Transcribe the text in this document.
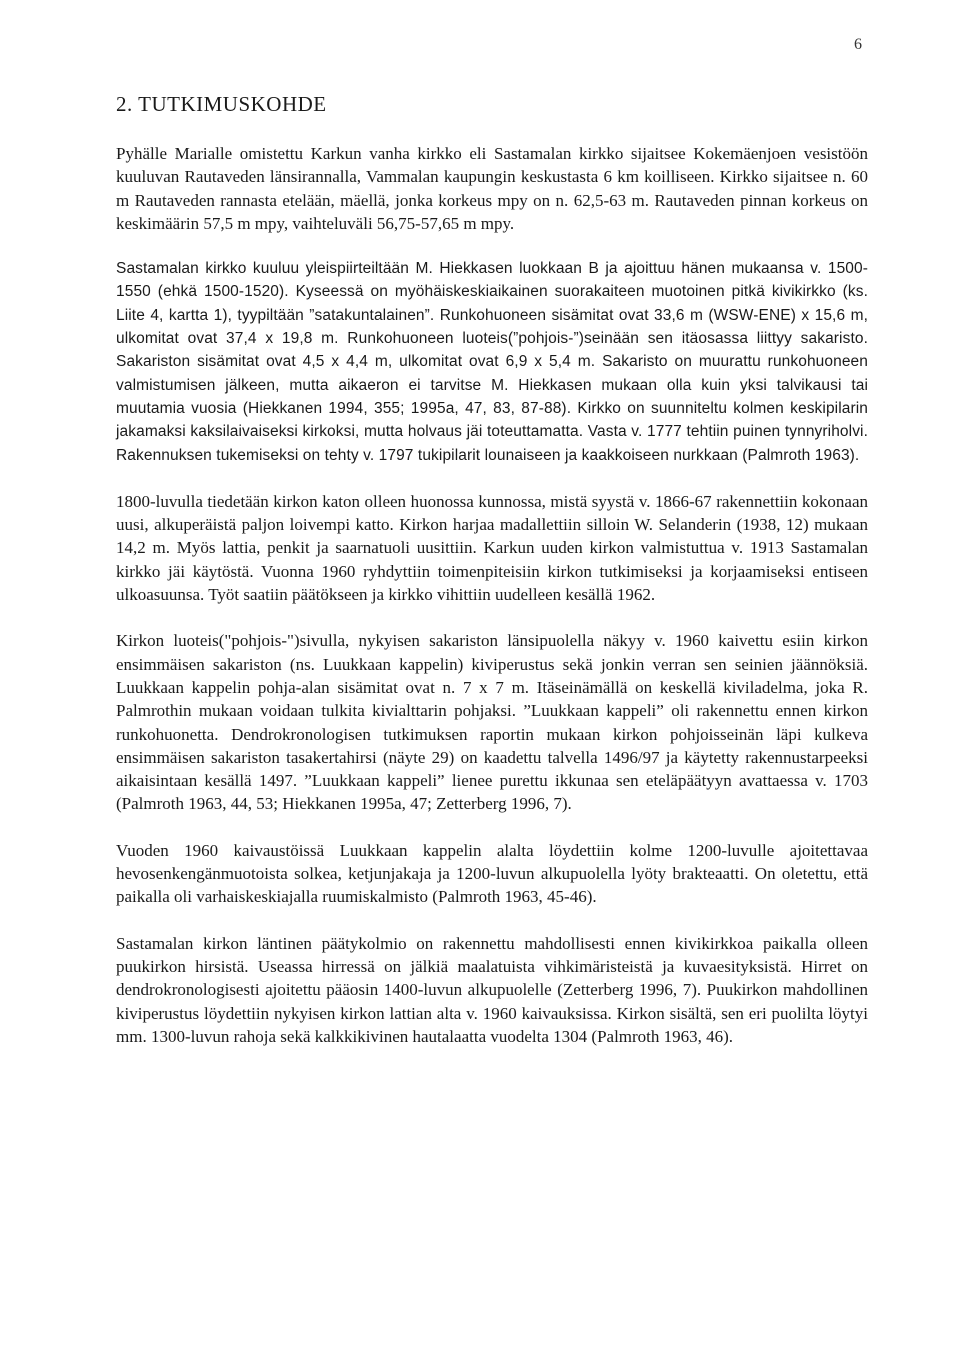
6
2. TUTKIMUSKOHDE

Pyhälle Marialle omistettu Karkun vanha kirkko eli Sastamalan kirkko sijaitsee Kokemäenjoen vesistöön kuuluvan Rautaveden länsirannalla, Vammalan kaupungin keskustasta 6 km koilliseen. Kirkko sijaitsee n. 60 m Rautaveden rannasta etelään, mäellä, jonka korkeus mpy on n. 62,5-63 m. Rautaveden pinnan korkeus on keskimäärin 57,5 m mpy, vaihteluväli 56,75-57,65 m mpy.

Sastamalan kirkko kuuluu yleispiirteiltään M. Hiekkasen luokkaan B ja ajoittuu hänen mukaansa v. 1500-1550 (ehkä 1500-1520). Kyseessä on myöhäiskeskiaikainen suorakaiteen muotoinen pitkä kivikirkko (ks. Liite 4, kartta 1), tyypiltään ”satakuntalainen”. Runkohuoneen sisämitat ovat 33,6 m (WSW-ENE) x 15,6 m, ulkomitat ovat 37,4 x 19,8 m. Runkohuoneen luoteis(”pohjois-”)seinään sen itäosassa liittyy sakaristo. Sakariston sisämitat ovat 4,5 x 4,4 m, ulkomitat ovat 6,9 x 5,4 m. Sakaristo on muurattu runkohuoneen valmistumisen jälkeen, mutta aikaeron ei tarvitse M. Hiekkasen mukaan olla kuin yksi talvikausi tai muutamia vuosia (Hiekkanen 1994, 355; 1995a, 47, 83, 87-88). Kirkko on suunniteltu kolmen keskipilarin jakamaksi kaksilaivaiseksi kirkoksi, mutta holvaus jäi toteuttamatta. Vasta v. 1777 tehtiin puinen tynnyriholvi. Rakennuksen tukemiseksi on tehty v. 1797 tukipilarit lounaiseen ja kaakkoiseen nurkkaan (Palmroth 1963).

1800-luvulla tiedetään kirkon katon olleen huonossa kunnossa, mistä syystä v. 1866-67 rakennettiin kokonaan uusi, alkuperäistä paljon loivempi katto. Kirkon harjaa madallettiin silloin W. Selanderin (1938, 12) mukaan 14,2 m. Myös lattia, penkit ja saarnatuoli uusittiin. Karkun uuden kirkon valmistuttua v. 1913 Sastamalan kirkko jäi käytöstä. Vuonna 1960 ryhdyttiin toimenpiteisiin kirkon tutkimiseksi ja korjaamiseksi entiseen ulkoasuunsa. Työt saatiin päätökseen ja kirkko vihittiin uudelleen kesällä 1962.

Kirkon luoteis("pohjois-")sivulla, nykyisen sakariston länsipuolella näkyy v. 1960 kaivettu esiin kirkon ensimmäisen sakariston (ns. Luukkaan kappelin) kiviperustus sekä jonkin verran sen seinien jäännöksiä. Luukkaan kappelin pohja-alan sisämitat ovat n. 7 x 7 m. Itäseinämällä on keskellä kiviladelma, joka R. Palmrothin mukaan voidaan tulkita kivialttarin pohjaksi. ”Luukkaan kappeli” oli rakennettu ennen kirkon runkohuonetta. Dendrokronologisen tutkimuksen raportin mukaan kirkon pohjoisseinän läpi kulkeva ensimmäisen sakariston tasakertahirsi (näyte 29) on kaadettu talvella 1496/97 ja käytetty rakennustarpeeksi aikaisintaan kesällä 1497. ”Luukkaan kappeli” lienee purettu ikkunaa sen eteläpäätyyn avattaessa v. 1703 (Palmroth 1963, 44, 53; Hiekkanen 1995a, 47; Zetterberg 1996, 7).

Vuoden 1960 kaivaustöissä Luukkaan kappelin alalta löydettiin kolme 1200-luvulle ajoitettavaa hevosenkengänmuotoista solkea, ketjunjakaja ja 1200-luvun alkupuolella lyöty brakteaatti. On oletettu, että paikalla oli varhaiskeskiajalla ruumiskalmisto (Palmroth 1963, 45-46).

Sastamalan kirkon läntinen päätykolmio on rakennettu mahdollisesti ennen kivikirkkoa paikalla olleen puukirkon hirsistä. Useassa hirressä on jälkiä maalatuista vihkimäristeistä ja kuvaesityksistä. Hirret on dendrokronologisesti ajoitettu pääosin 1400-luvun alkupuolelle (Zetterberg 1996, 7). Puukirkon mahdollinen kiviperustus löydettiin nykyisen kirkon lattian alta v. 1960 kaivauksissa. Kirkon sisältä, sen eri puolilta löytyi mm. 1300-luvun rahoja sekä kalkkikivinen hautalaatta vuodelta 1304 (Palmroth 1963, 46).
